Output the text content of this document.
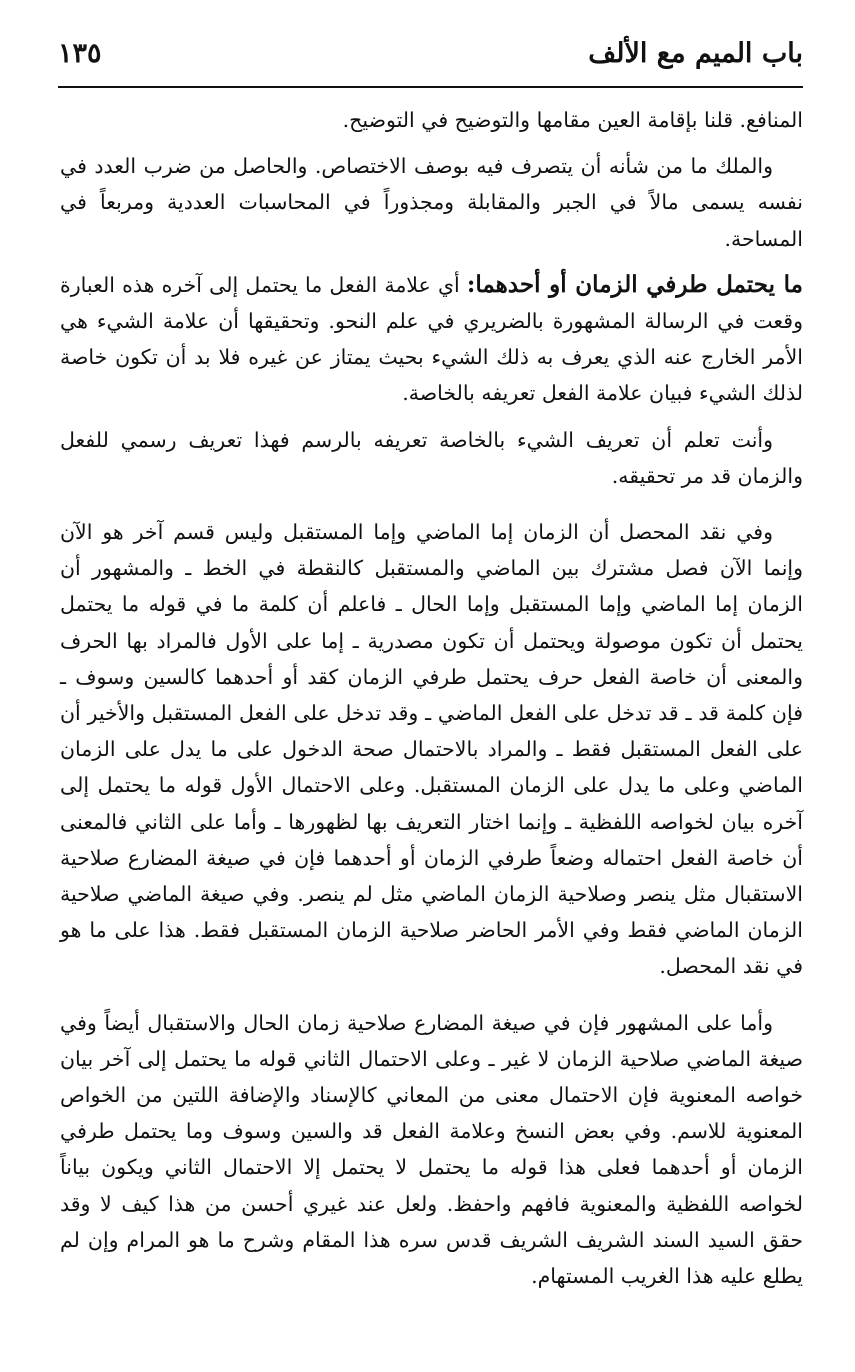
باب الميم مع الألف
١٣٥

المنافع. قلنا بإقامة العين مقامها والتوضيح في التوضيح.

والملك ما من شأنه أن يتصرف فيه بوصف الاختصاص. والحاصل من ضرب العدد في نفسه يسمى مالاً في الجبر والمقابلة ومجذوراً في المحاسبات العددية ومربعاً في المساحة.

ما يحتمل طرفي الزمان أو أحدهما: أي علامة الفعل ما يحتمل إلى آخره هذه العبارة وقعت في الرسالة المشهورة بالضريري في علم النحو. وتحقيقها أن علامة الشيء هي الأمر الخارج عنه الذي يعرف به ذلك الشيء بحيث يمتاز عن غيره فلا بد أن تكون خاصة لذلك الشيء فبيان علامة الفعل تعريفه بالخاصة.

وأنت تعلم أن تعريف الشيء بالخاصة تعريفه بالرسم فهذا تعريف رسمي للفعل والزمان قد مر تحقيقه.

وفي نقد المحصل أن الزمان إما الماضي وإما المستقبل وليس قسم آخر هو الآن وإنما الآن فصل مشترك بين الماضي والمستقبل كالنقطة في الخط ـ والمشهور أن الزمان إما الماضي وإما المستقبل وإما الحال ـ فاعلم أن كلمة ما في قوله ما يحتمل يحتمل أن تكون موصولة ويحتمل أن تكون مصدرية ـ إما على الأول فالمراد بها الحرف والمعنى أن خاصة الفعل حرف يحتمل طرفي الزمان كقد أو أحدهما كالسين وسوف ـ فإن كلمة قد ـ قد تدخل على الفعل الماضي ـ وقد تدخل على الفعل المستقبل والأخير أن على الفعل المستقبل فقط ـ والمراد بالاحتمال صحة الدخول على ما يدل على الزمان الماضي وعلى ما يدل على الزمان المستقبل. وعلى الاحتمال الأول قوله ما يحتمل إلى آخره بيان لخواصه اللفظية ـ وإنما اختار التعريف بها لظهورها ـ وأما على الثاني فالمعنى أن خاصة الفعل احتماله وضعاً طرفي الزمان أو أحدهما فإن في صيغة المضارع صلاحية الاستقبال مثل ينصر وصلاحية الزمان الماضي مثل لم ينصر. وفي صيغة الماضي صلاحية الزمان الماضي فقط وفي الأمر الحاضر صلاحية الزمان المستقبل فقط. هذا على ما هو في نقد المحصل.

وأما على المشهور فإن في صيغة المضارع صلاحية زمان الحال والاستقبال أيضاً وفي صيغة الماضي صلاحية الزمان لا غير ـ وعلى الاحتمال الثاني قوله ما يحتمل إلى آخر بيان خواصه المعنوية فإن الاحتمال معنى من المعاني كالإسناد والإضافة اللتين من الخواص المعنوية للاسم. وفي بعض النسخ وعلامة الفعل قد والسين وسوف وما يحتمل طرفي الزمان أو أحدهما فعلى هذا قوله ما يحتمل لا يحتمل إلا الاحتمال الثاني ويكون بياناً لخواصه اللفظية والمعنوية فافهم واحفظ. ولعل عند غيري أحسن من هذا كيف لا وقد حقق السيد السند الشريف الشريف قدس سره هذا المقام وشرح ما هو المرام وإن لم يطلع عليه هذا الغريب المستهام.
